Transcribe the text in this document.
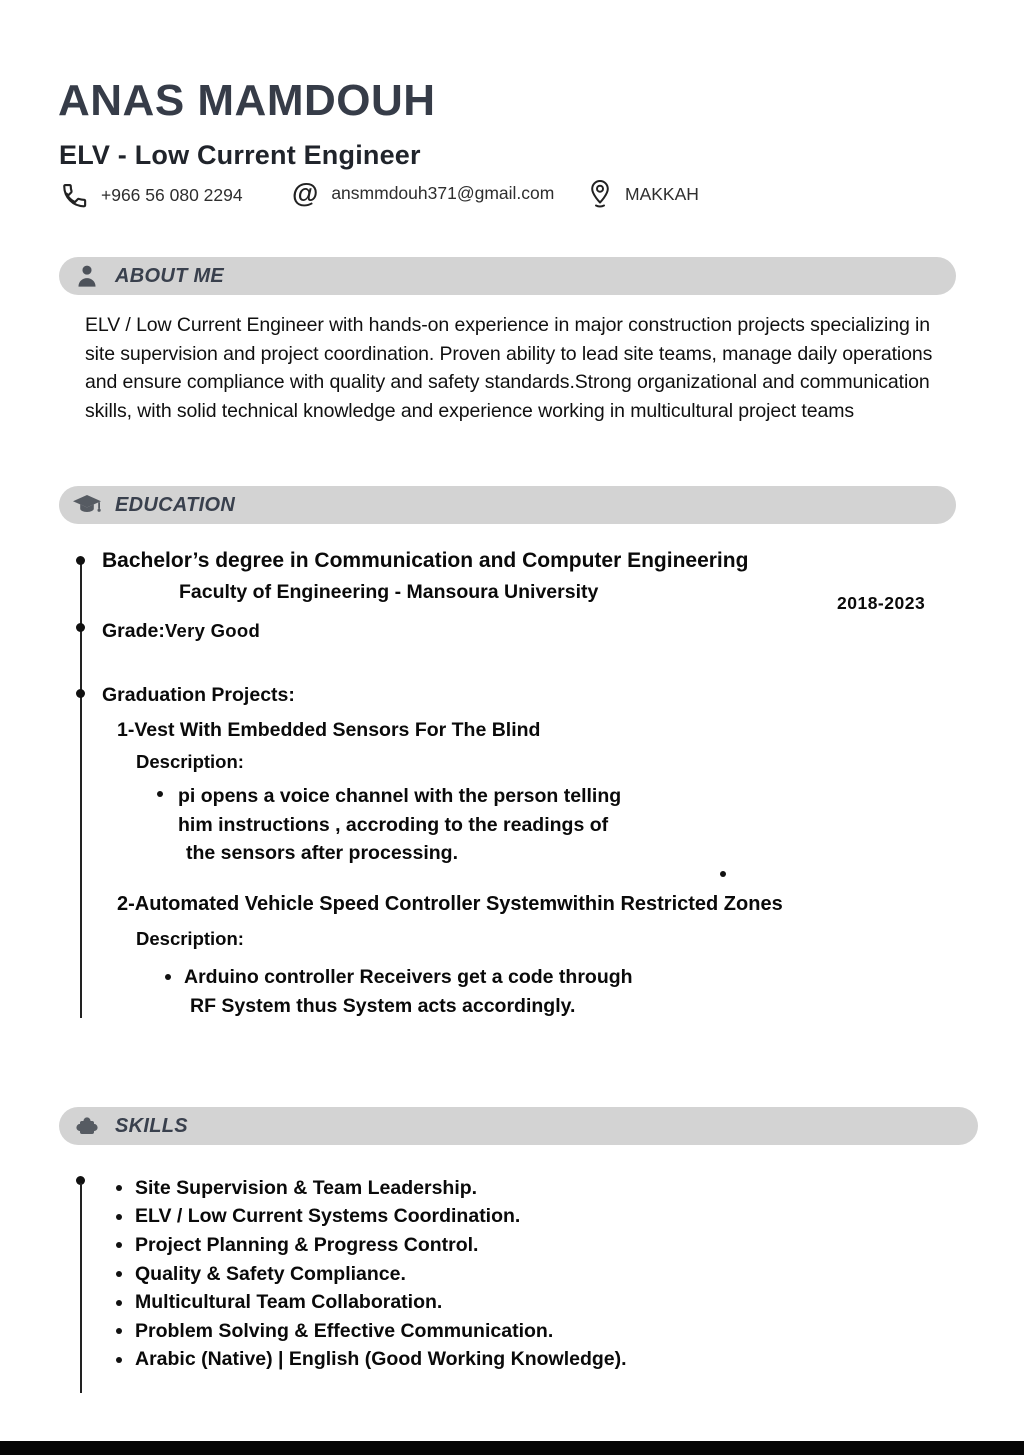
ANAS MAMDOUH
ELV - Low Current Engineer
+966 56 080 2294 @ ansmmdouh371@gmail.com	MAKKAH
ABOUT ME
ELV / Low Current Engineer with hands-on experience in major construction projects specializing in
site supervision and project coordination. Proven ability to lead site teams, manage daily operations
and ensure compliance with quality and safety standards.Strong organizational and communication
skills, with solid technical knowledge and experience working in multicultural project teams
EDUCATION
Bachelor’s degree in Communication and Computer Engineering
Faculty of Engineering - Mansoura University	2018-2023
Grade:Very Good
Graduation Projects:
1-Vest With Embedded Sensors For The Blind
Description:
pi opens a voice channel with the person telling
him instructions , accroding to the readings of
the sensors after processing.
2-Automated Vehicle Speed Controller Systemwithin Restricted Zones
Description:
Arduino controller Receivers get a code through
RF System thus System acts accordingly.
SKILLS
Site Supervision & Team Leadership.
ELV / Low Current Systems Coordination.
Project Planning & Progress Control.
Quality & Safety Compliance.
Multicultural Team Collaboration.
Problem Solving & Effective Communication.
Arabic (Native) | English (Good Working Knowledge).
